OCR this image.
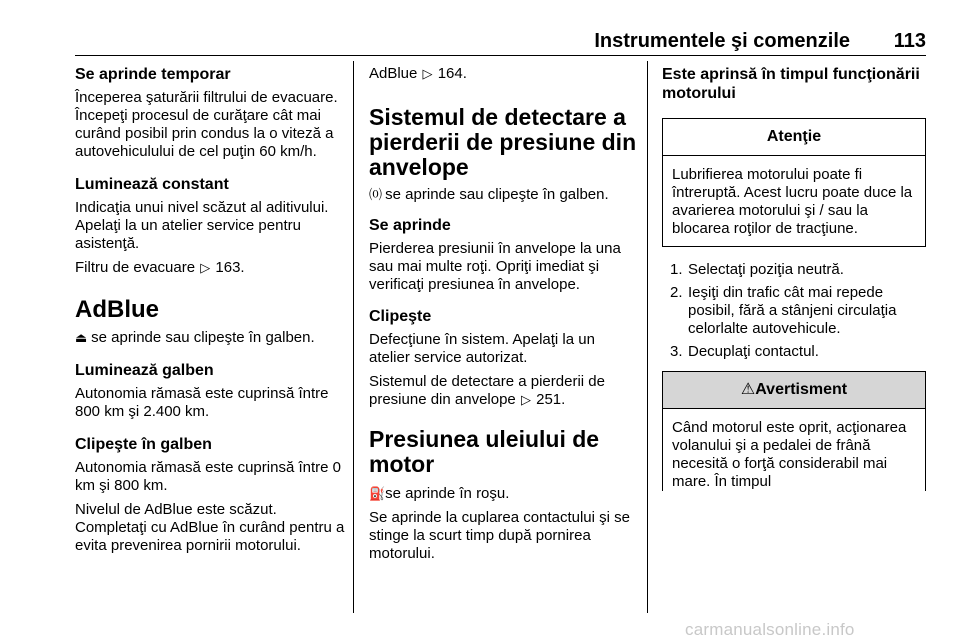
Instrumentele şi comenzile 113

Se aprinde temporar

Începerea şaturării filtrului de evacuare. Începeţi procesul de curăţare cât mai curând posibil prin condus la o viteză a autovehiculului de cel puţin 60 km/h.

Luminează constant

Indicaţia unui nivel scăzut al aditivului. Apelaţi la un atelier service pentru asistenţă.

Filtru de evacuare ▷ 163.

AdBlue

⏏ se aprinde sau clipeşte în galben.

Luminează galben

Autonomia rămasă este cuprinsă între 800 km şi 2.400 km.

Clipeşte în galben

Autonomia rămasă este cuprinsă între 0 km şi 800 km.

Nivelul de AdBlue este scăzut. Completaţi cu AdBlue în curând pentru a evita prevenirea pornirii motorului.

AdBlue ▷ 164.

Sistemul de detectare a pierderii de presiune din anvelope

⒪ se aprinde sau clipeşte în galben.

Se aprinde

Pierderea presiunii în anvelope la una sau mai multe roţi. Opriţi imediat şi verificaţi presiunea în anvelope.

Clipeşte

Defecţiune în sistem. Apelaţi la un atelier service autorizat.

Sistemul de detectare a pierderii de presiune din anvelope ▷ 251.

Presiunea uleiului de motor

⛽ se aprinde în roşu.

Se aprinde la cuplarea contactului şi se stinge la scurt timp după pornirea motorului.

Este aprinsă în timpul funcţionării motorului

Atenţie
Lubrifierea motorului poate fi întreruptă. Acest lucru poate duce la avarierea motorului şi / sau la blocarea roţilor de tracţiune.
1. Selectaţi poziţia neutră.
2. Ieşiţi din trafic cât mai repede posibil, fără a stânjeni circulaţia celorlalte autovehicule.
3. Decuplaţi contactul.
⚠Avertisment
Când motorul este oprit, acţionarea volanului şi a pedalei de frână necesită o forţă considerabil mai mare. În timpul
carmanualsonline.info
